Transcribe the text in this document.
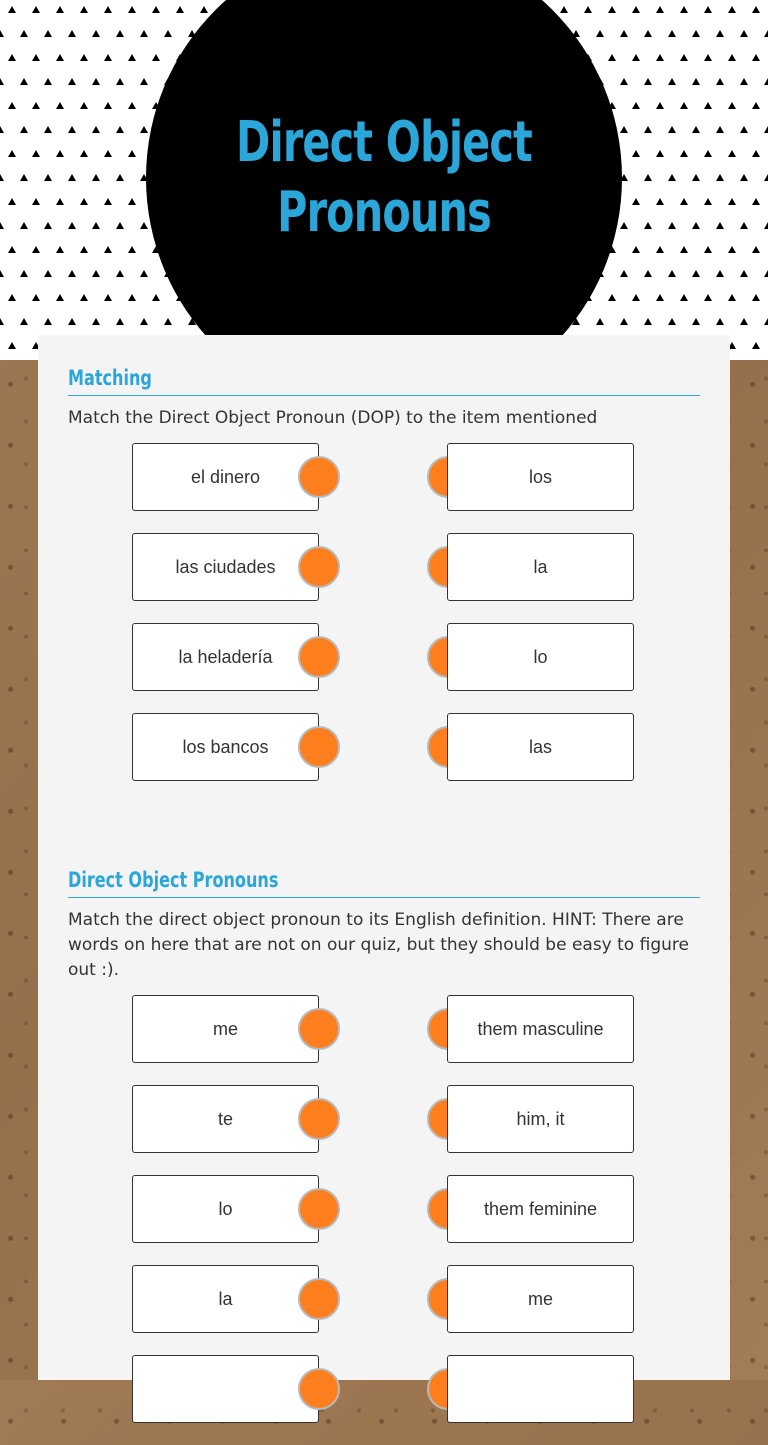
Direct Object
Pronouns
Matching
Match the Direct Object Pronoun (DOP) to the item mentioned
el dinero	los
las ciudades	la
la heladería	lo
los bancos	las
Direct Object Pronouns
Match the direct object pronoun to its English definition. HINT: There are words on here that are not on our quiz, but they should be easy to figure out :).
me	them masculine
te	him, it
lo	them feminine
la	me
